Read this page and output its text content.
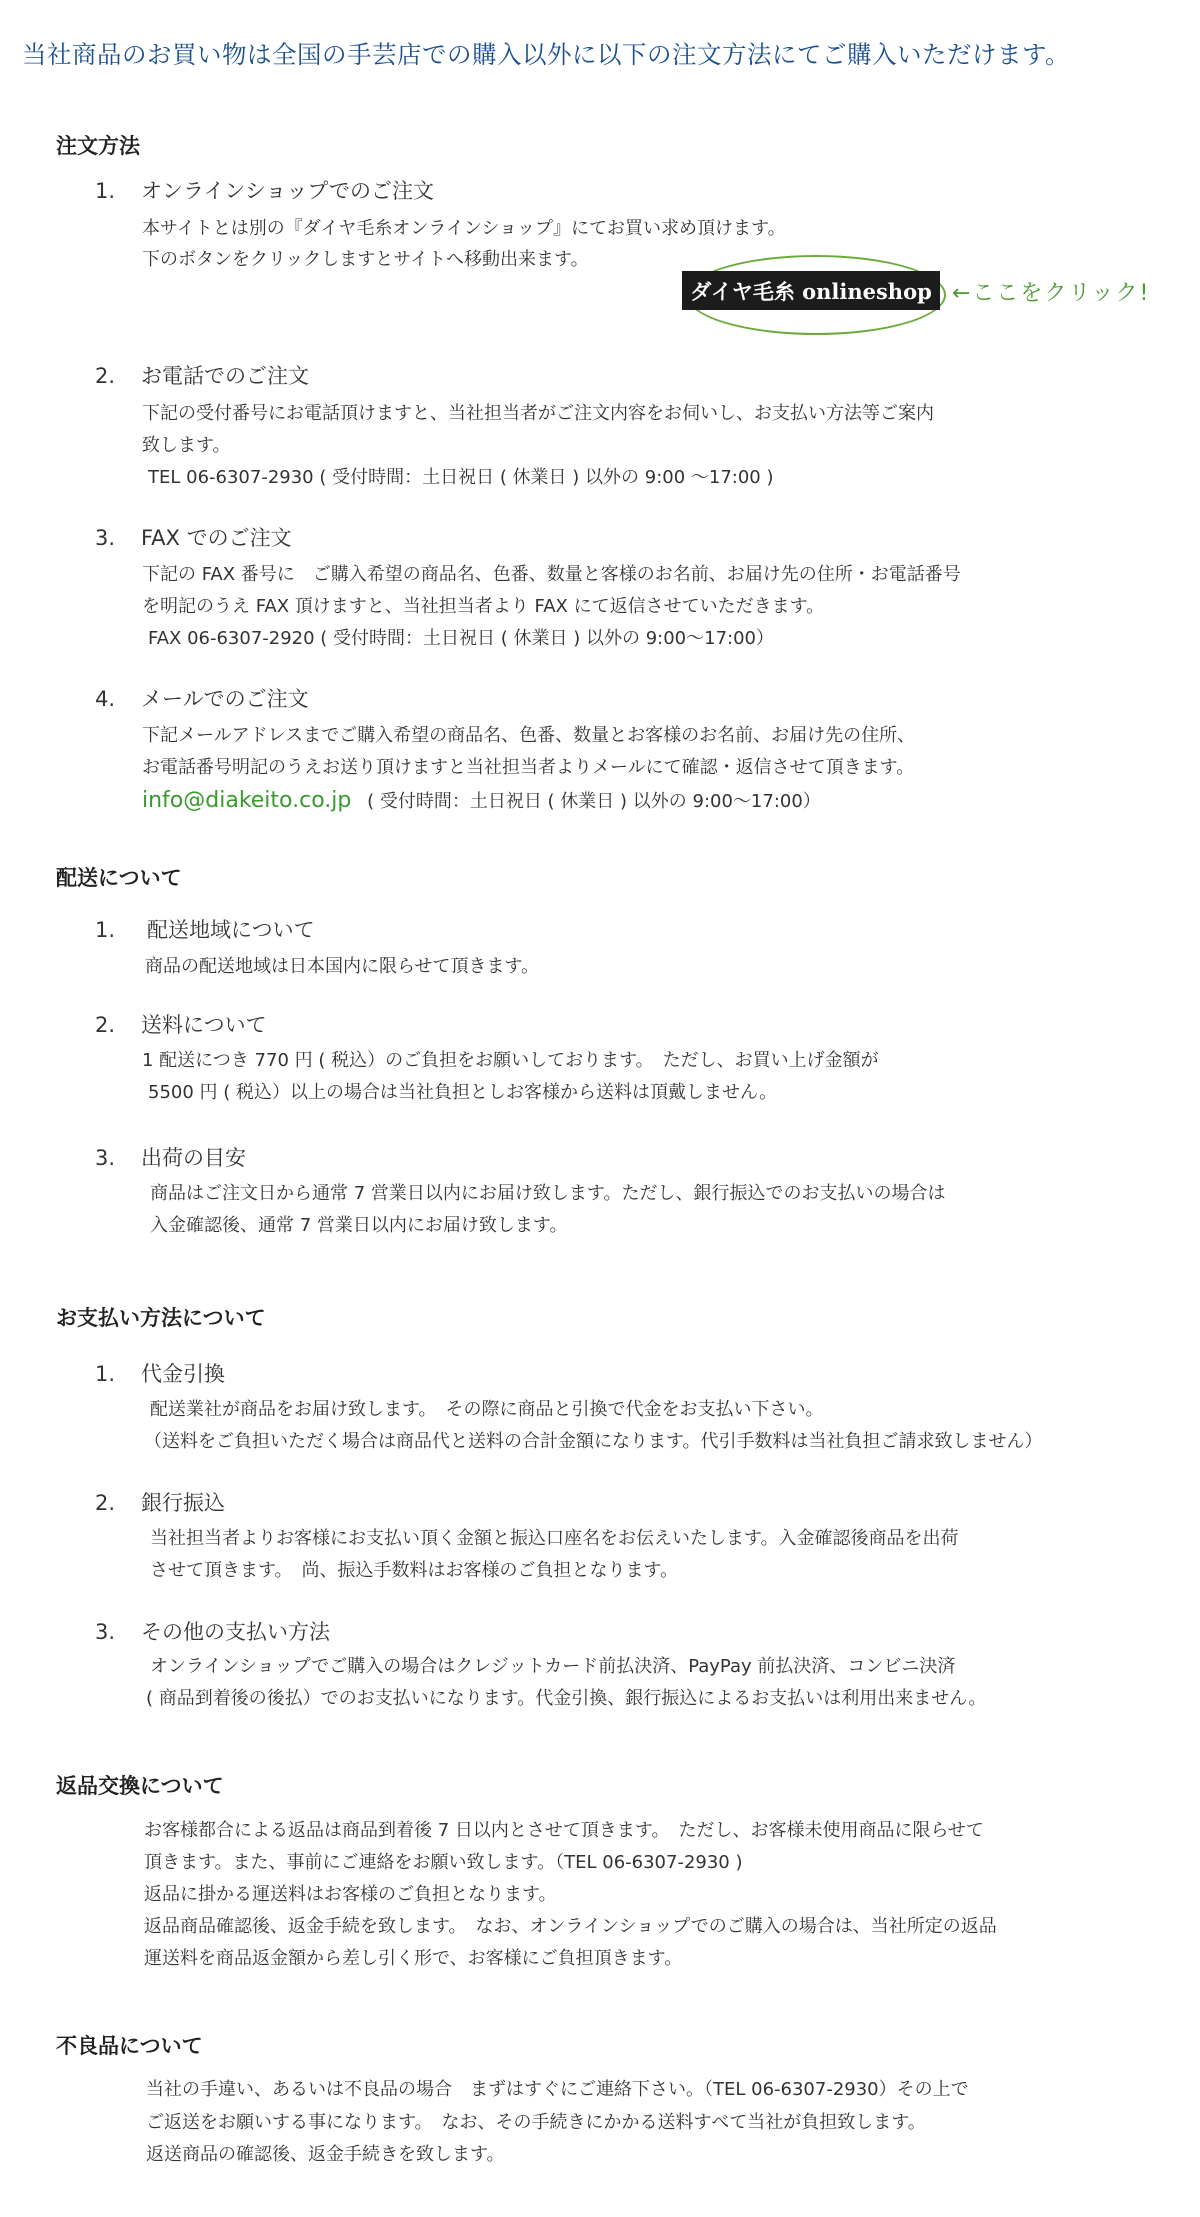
当社商品のお買い物は全国の手芸店での購入以外に以下の注文方法にてご購入いただけます。
注文方法
1. オンラインショップでのご注文
本サイトとは別の『ダイヤ毛糸オンラインショップ』にてお買い求め頂けます。
下のボタンをクリックしますとサイトへ移動出来ます。
ダイヤ毛糸 onlineshop ←ここをクリック!
2. お電話でのご注文
下記の受付番号にお電話頂けますと、当社担当者がご注文内容をお伺いし、お支払い方法等ご案内
致します。
TEL 06-6307-2930 ( 受付時間：土日祝日 ( 休業日 ) 以外の 9:00 〜17:00 )
3. FAX でのご注文
下記の FAX 番号に　ご購入希望の商品名、色番、数量と客様のお名前、お届け先の住所・お電話番号
を明記のうえ FAX 頂けますと、当社担当者より FAX にて返信させていただきます。
FAX 06-6307-2920 ( 受付時間：土日祝日 ( 休業日 ) 以外の 9:00〜17:00）
4. メールでのご注文
下記メールアドレスまでご購入希望の商品名、色番、数量とお客様のお名前、お届け先の住所、
お電話番号明記のうえお送り頂けますと当社担当者よりメールにて確認・返信させて頂きます。
info@diakeito.co.jp ( 受付時間：土日祝日 ( 休業日 ) 以外の 9:00〜17:00）
配送について
1. 配送地域について
商品の配送地域は日本国内に限らせて頂きます。
2. 送料について
1 配送につき 770 円 ( 税込）のご負担をお願いしております。　ただし、お買い上げ金額が
5500 円 ( 税込）以上の場合は当社負担としお客様から送料は頂戴しません。
3. 出荷の目安
商品はご注文日から通常 7 営業日以内にお届け致します。ただし、銀行振込でのお支払いの場合は
入金確認後、通常 7 営業日以内にお届け致します。
お支払い方法について
1. 代金引換
配送業社が商品をお届け致します。　その際に商品と引換で代金をお支払い下さい。
（送料をご負担いただく場合は商品代と送料の合計金額になります。代引手数料は当社負担ご請求致しません）
2. 銀行振込
当社担当者よりお客様にお支払い頂く金額と振込口座名をお伝えいたします。入金確認後商品を出荷
させて頂きます。　尚、振込手数料はお客様のご負担となります。
3. その他の支払い方法
オンラインショップでご購入の場合はクレジットカード前払決済、PayPay 前払決済、コンビニ決済
( 商品到着後の後払）でのお支払いになります。代金引換、銀行振込によるお支払いは利用出来ません。
返品交換について
お客様都合による返品は商品到着後 7 日以内とさせて頂きます。　ただし、お客様未使用商品に限らせて
頂きます。また、事前にご連絡をお願い致します。（TEL 06-6307-2930 )
返品に掛かる運送料はお客様のご負担となります。
返品商品確認後、返金手続を致します。　なお、オンラインショップでのご購入の場合は、当社所定の返品
運送料を商品返金額から差し引く形で、お客様にご負担頂きます。
不良品について
当社の手違い、あるいは不良品の場合　まずはすぐにご連絡下さい。（TEL 06-6307-2930）その上で
ご返送をお願いする事になります。　なお、その手続きにかかる送料すべて当社が負担致します。
返送商品の確認後、返金手続きを致します。
